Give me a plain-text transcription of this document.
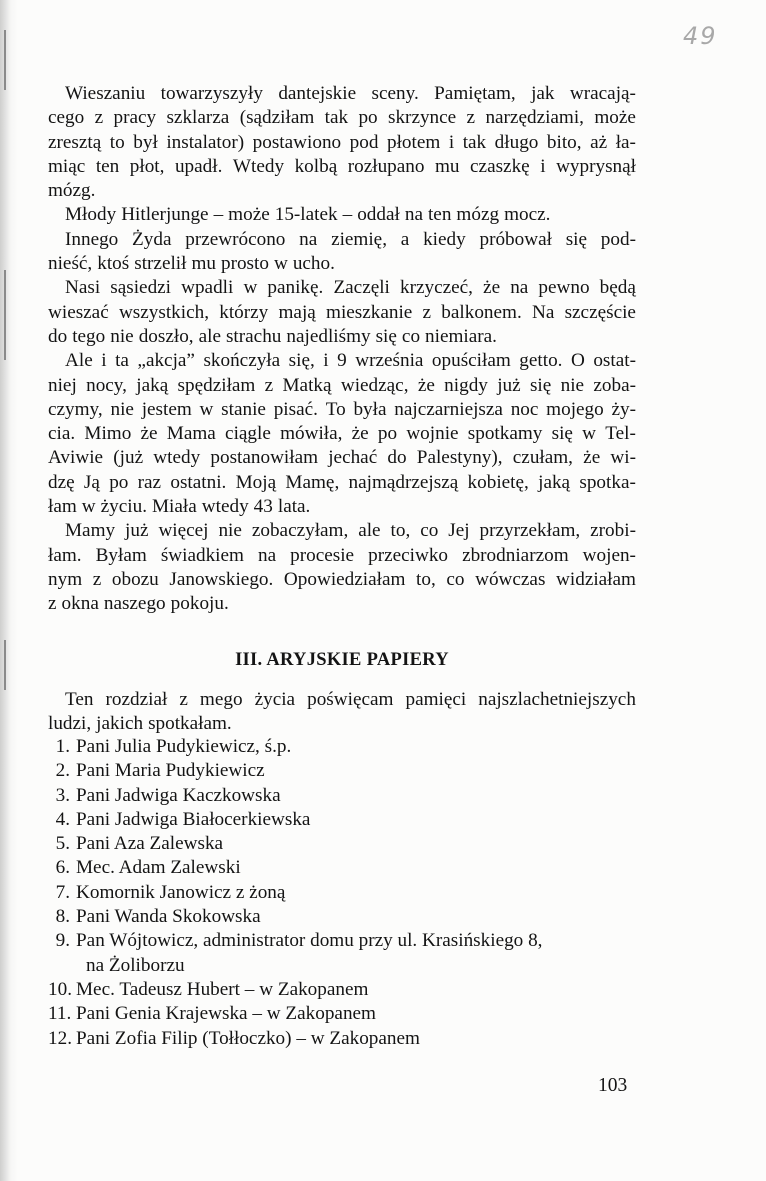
49
Wieszaniu towarzyszyły dantejskie sceny. Pamiętam, jak wracają-
cego z pracy szklarza (sądziłam tak po skrzynce z narzędziami, może
zresztą to był instalator) postawiono pod płotem i tak długo bito, aż ła-
miąc ten płot, upadł. Wtedy kolbą rozłupano mu czaszkę i wyprysnął
mózg.
Młody Hitlerjunge – może 15-latek – oddał na ten mózg mocz.
Innego Żyda przewrócono na ziemię, a kiedy próbował się pod-
nieść, ktoś strzelił mu prosto w ucho.
Nasi sąsiedzi wpadli w panikę. Zaczęli krzyczeć, że na pewno będą
wieszać wszystkich, którzy mają mieszkanie z balkonem. Na szczęście
do tego nie doszło, ale strachu najedliśmy się co niemiara.
Ale i ta „akcja” skończyła się, i 9 września opuściłam getto. O ostat-
niej nocy, jaką spędziłam z Matką wiedząc, że nigdy już się nie zoba-
czymy, nie jestem w stanie pisać. To była najczarniejsza noc mojego ży-
cia. Mimo że Mama ciągle mówiła, że po wojnie spotkamy się w Tel-
Aviwie (już wtedy postanowiłam jechać do Palestyny), czułam, że wi-
dzę Ją po raz ostatni. Moją Mamę, najmądrzejszą kobietę, jaką spotka-
łam w życiu. Miała wtedy 43 lata.
Mamy już więcej nie zobaczyłam, ale to, co Jej przyrzekłam, zrobi-
łam. Byłam świadkiem na procesie przeciwko zbrodniarzom wojen-
nym z obozu Janowskiego. Opowiedziałam to, co wówczas widziałam
z okna naszego pokoju.
III. ARYJSKIE PAPIERY
Ten rozdział z mego życia poświęcam pamięci najszlachetniejszych
ludzi, jakich spotkałam.
1. Pani Julia Pudykiewicz, ś.p.
2. Pani Maria Pudykiewicz
3. Pani Jadwiga Kaczkowska
4. Pani Jadwiga Białocerkiewska
5. Pani Aza Zalewska
6. Mec. Adam Zalewski
7. Komornik Janowicz z żoną
8. Pani Wanda Skokowska
9. Pan Wójtowicz, administrator domu przy ul. Krasińskiego 8,
na Żoliborzu
10. Mec. Tadeusz Hubert – w Zakopanem
11. Pani Genia Krajewska – w Zakopanem
12. Pani Zofia Filip (Tołłoczko) – w Zakopanem
103
